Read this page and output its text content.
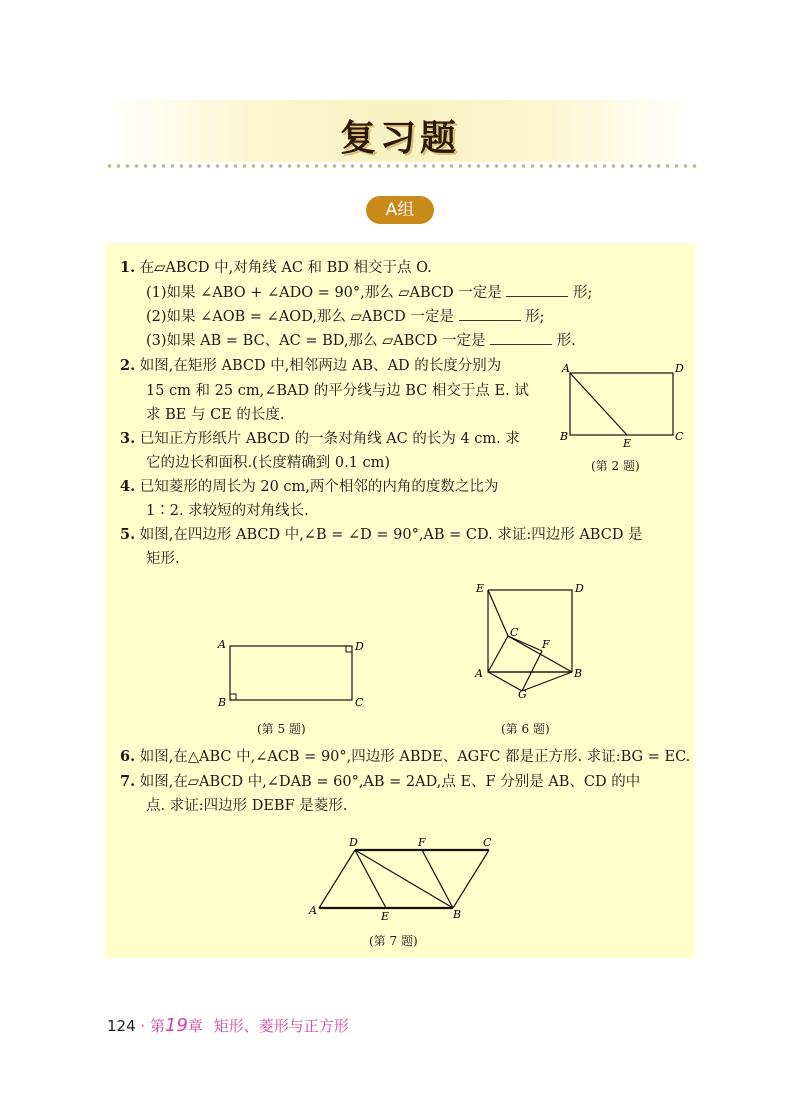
复习题
A组
1. 在▱ABCD 中,对角线 AC 和 BD 相交于点 O.
(1)如果 ∠ABO + ∠ADO = 90°,那么 ▱ABCD 一定是	形;
(2)如果 ∠AOB = ∠AOD,那么 ▱ABCD 一定是	形;
(3)如果 AB = BC、AC = BD,那么 ▱ABCD 一定是	形.
2. 如图,在矩形 ABCD 中,相邻两边 AB、AD 的长度分别为
15 cm 和 25 cm,∠BAD 的平分线与边 BC 相交于点 E. 试
求 BE 与 CE 的长度.
3. 已知正方形纸片 ABCD 的一条对角线 AC 的长为 4 cm. 求
它的边长和面积.(长度精确到 0.1 cm)
4. 已知菱形的周长为 20 cm,两个相邻的内角的度数之比为
1∶2. 求较短的对角线长.
5. 如图,在四边形 ABCD 中,∠B = ∠D = 90°,AB = CD. 求证:四边形 ABCD 是
矩形.
A	D
B	C
E
(第 2 题)
A	D
B	C
(第 5 题)
E	D
C
F
A	B
G
(第 6 题)
6. 如图,在△ABC 中,∠ACB = 90°,四边形 ABDE、AGFC 都是正方形. 求证:BG = EC.
7. 如图,在▱ABCD 中,∠DAB = 60°,AB = 2AD,点 E、F 分别是 AB、CD 的中
点. 求证:四边形 DEBF 是菱形.
D	F	C
A	E	B
(第 7 题)
124 · 第19章 矩形、菱形与正方形
